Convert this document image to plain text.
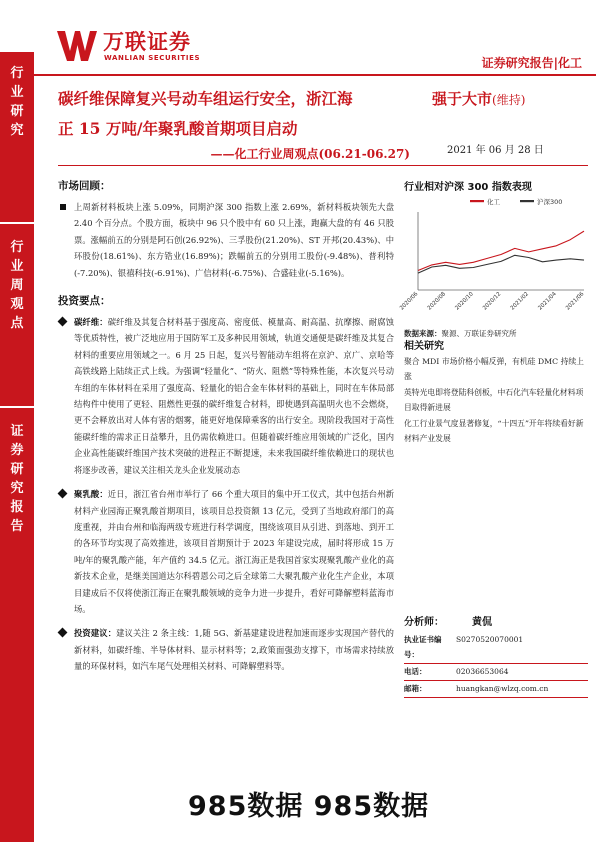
行
业
研
究
行
业
周
观
点
证
券
研
究
报
告
万联证券
WANLIAN SECURITIES	证券研究报告|化工
碳纤维保障复兴号动车组运行安全，浙江海
正 15 万吨/年聚乳酸首期项目启动
——化工行业周观点(06.21-06.27)
强于大市(维持)
2021 年 06 月 28 日
市场回顾：
上周新材料板块上涨 5.09%，同期沪深 300 指数上涨 2.69%，新材料板块领先大盘 2.40 个百分点。个股方面，板块中 96 只个股中有 60 只上涨，跑赢大盘的有 46 只股票。涨幅前五的分别是阿石创(26.92%)、三孚股份(21.20%)、ST 开邦(20.43%)、中环股份(18.61%)、东方锆业(16.89%)；跌幅前五的分别用工股份(-9.48%)、普利特(-7.20%)、银禧科技(-6.91%)、广信材料(-6.75%)、合盛硅业(-5.16%)。
投资要点：
碳纤维：碳纤维及其复合材料基于强度高、密度低、模量高、耐高温、抗摩擦、耐腐蚀等优质特性，被广泛地应用于国防军工及多种民用领域，轨道交通便是碳纤维及其复合材料的重要应用领域之一。6 月 25 日起，复兴号智能动车组将在京沪、京广、京哈等高铁线路上陆续正式上线。为强调“轻量化”、“防火、阻燃”等特殊性能，本次复兴号动车组的车体材料在采用了强度高、轻量化的铝合金车体材料的基础上，同时在车体局部结构件中使用了更轻、阻燃性更强的碳纤维复合材料，即使遇到高温明火也不会燃烧，更不会释放出对人体有害的烟雾，能更好地保障乘客的出行安全。现阶段我国对于高性能碳纤维的需求正日益攀升，且仍需依赖进口。但随着碳纤维应用领域的广泛化，国内企业高性能碳纤维国产技术突破的进程正不断提速，未来我国碳纤维依赖进口的现状也将逐步改善，建议关注相关龙头企业发展动态
聚乳酸：近日，浙江省台州市举行了 66 个重大项目的集中开工仪式，其中包括台州新材料产业园海正聚乳酸首期项目，该项目总投资额 13 亿元，受到了当地政府部门的高度重视，并由台州和临海两级专班进行科学调度，围绕该项目从引进、到落地、到开工的各环节均实现了高效推进，该项目首期预计于 2023 年建设完成，届时将形成 15 万吨/年的聚乳酸产能，年产值约 34.5 亿元。浙江海正是我国首家实现聚乳酸产业化的高新技术企业，是继美国道达尔科碧恩公司之后全球第二大聚乳酸产业化生产企业，本项目建成后不仅将使浙江海正在聚乳酸领域的竞争力进一步提升，看好可降解塑料蓝海市场。
投资建议：建议关注 2 条主线：1,随 5G、新基建建设进程加速而逐步实现国产替代的新材料，如碳纤维、半导体材料、显示材料等；2,政策面强劲支撑下，市场需求持续放量的环保材料，如汽车尾气处理相关材料、可降解塑料等。
行业相对沪深 300 指数表现
2020/06 2020/08 2020/10 2020/12 2021/02 2021/04 2021/06
化工	沪深300
数据来源：聚源、万联证券研究所
相关研究
聚合 MDI 市场价格小幅反弹，有机硅 DMC 持续上涨
英特光电即将登陆科创板，中石化汽车轻量化材料项目取得新进展
化工行业景气度显著修复，“十四五”开年将续看好新材料产业发展
分析师：	黄侃
执业证书编号：
S0270520070001
电话：	02036653064
邮箱：	huangkan@wlzq.com.cn
985数据 985数据
